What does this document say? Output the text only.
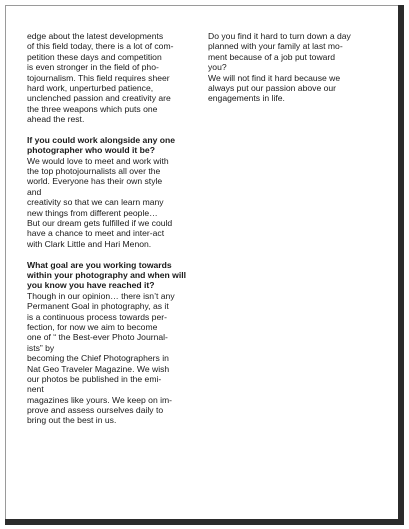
edge about the latest developments
of this field today, there is a lot of com-
petition these days and competition
is even stronger in the field of pho-
tojournalism. This field requires sheer
hard work, unperturbed patience,
unclenched passion and creativity are
the three weapons which puts one
ahead the rest.
If you could work alongside any one
photographer who would it be?
We would love to meet and work with
the top photojournalists all over the
world. Everyone has their own style
and
creativity so that we can learn many
new things from different people…
But our dream gets fulfilled if we could
have a chance to meet and inter-act
with Clark Little and Hari Menon.
What goal are you working towards
within your photography and when will
you know you have reached it?
Though in our opinion… there isn’t any
Permanent Goal in photography, as it
is a continuous process towards per-
fection, for now we aim to become
one of “ the Best-ever Photo Journal-
ists” by
becoming the Chief Photographers in
Nat Geo Traveler Magazine. We wish
our photos be published in the emi-
nent
magazines like yours. We keep on im-
prove and assess ourselves daily to
bring out the best in us.
Do you find it hard to turn down a day
planned with your family at last mo-
ment because of a job put toward
you?
We will not find it hard because we
always put our passion above our
engagements in life.
